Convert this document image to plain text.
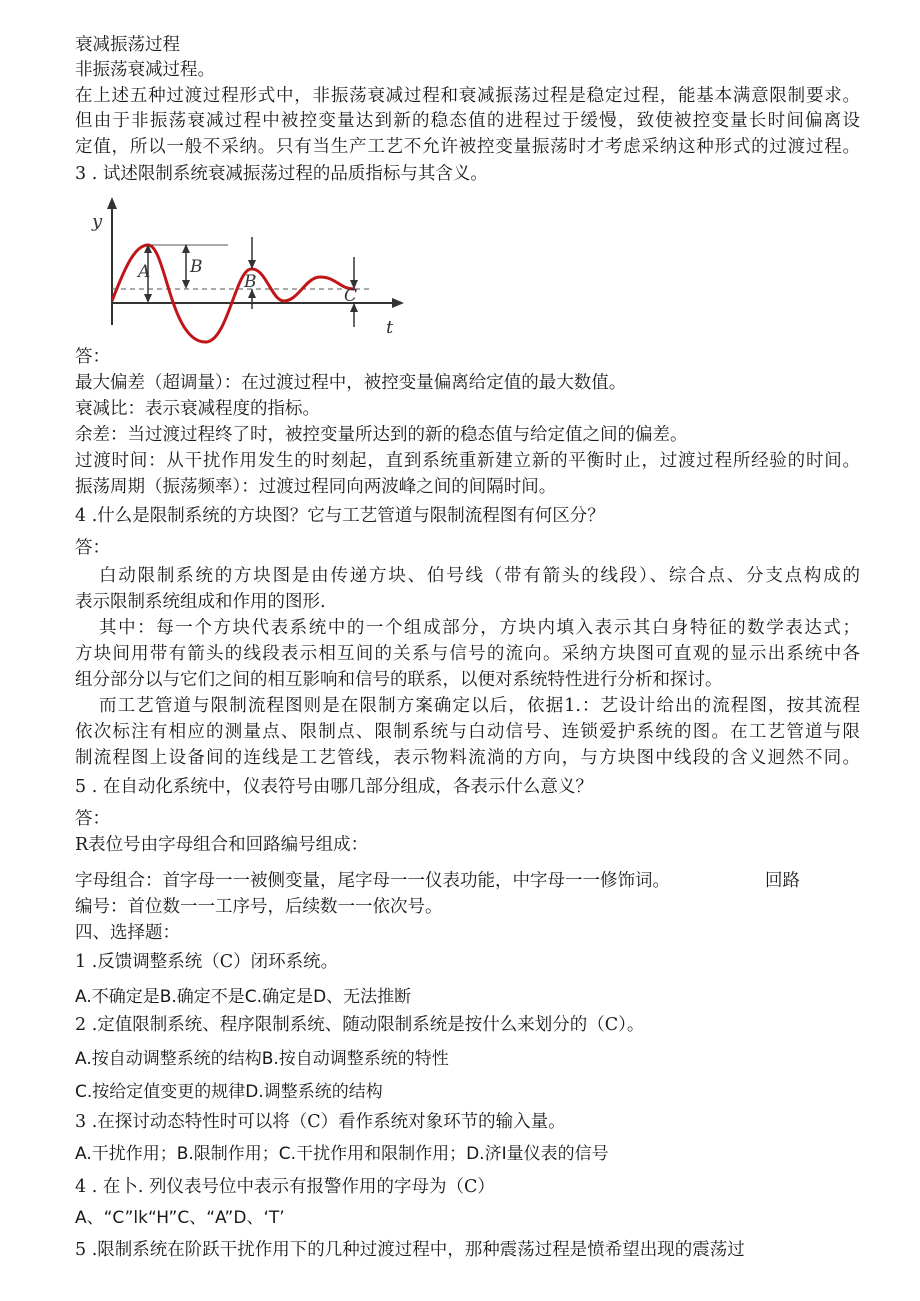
衰减振荡过程
非振荡衰减过程。
在上述五种过渡过程形式中，非振荡衰减过程和衰减振荡过程是稳定过程，能基本满意限制要求。
但由于非振荡衰减过程中被控变量达到新的稳态值的进程过于缓慢，致使被控变量长时间偏离设
定值，所以一般不采纳。只有当生产工艺不允许被控变量振荡时才考虑采纳这种形式的过渡过程。
3 . 试述限制系统衰减振荡过程的品质指标与其含义。
y
t
A B
B
C
答：
最大偏差（超调量）：在过渡过程中，被控变量偏离给定值的最大数值。
衰减比：表示衰减程度的指标。
余差：当过渡过程终了时，被控变量所达到的新的稳态值与给定值之间的偏差。
过渡时间：从干扰作用发生的时刻起，直到系统重新建立新的平衡时止，过渡过程所经验的时间。
振荡周期（振荡频率）：过渡过程同向两波峰之间的间隔时间。
4 .什么是限制系统的方块图？它与工艺管道与限制流程图有何区分？
答：
白动限制系统的方块图是由传递方块、伯号线（带有箭头的线段）、综合点、分支点构成的
表示限制系统组成和作用的图形.
其中：每一个方块代表系统中的一个组成部分，方块内填入表示其白身特征的数学表达式；
方块间用带有箭头的线段表示相互间的关系与信号的流向。采纳方块图可直观的显示出系统中各
组分部分以与它们之间的相互影响和信号的联系，以便对系统特性进行分析和探讨。
而工艺管道与限制流程图则是在限制方案确定以后，依据1.：艺设计给出的流程图，按其流程
依次标注有相应的测量点、限制点、限制系统与白动信号、连锁爱护系统的图。在工艺管道与限
制流程图上设备间的连线是工艺管线，表示物料流淌的方向，与方块图中线段的含义迥然不同。
5 . 在自动化系统中，仪表符号由哪几部分组成，各表示什么意义？
答：
R表位号由字母组合和回路编号组成：
字母组合：首字母一一被侧变量，尾字母一一仪表功能，中字母一一修饰词。	回路
编号：首位数一一工序号，后续数一一依次号。
四、选择题：
1 .反馈调整系统（C）闭环系统。
A.不确定是B.确定不是C.确定是D、无法推断
2 .定值限制系统、程序限制系统、随动限制系统是按什么来划分的（C）。
A.按自动调整系统的结构B.按自动调整系统的特性
C.按给定值变更的规律D.调整系统的结构
3 .在探讨动态特性时可以将（C）看作系统对象环节的输入量。
A.干扰作用；B.限制作用；C.干扰作用和限制作用；D.济I量仪表的信号
4 . 在卜. 列仪表号位中表示有报警作用的字母为（C）
A、“C”lk“H”C、“A”D、‘T’
5 .限制系统在阶跃干扰作用下的几种过渡过程中，那种震荡过程是愤希望出现的震荡过
